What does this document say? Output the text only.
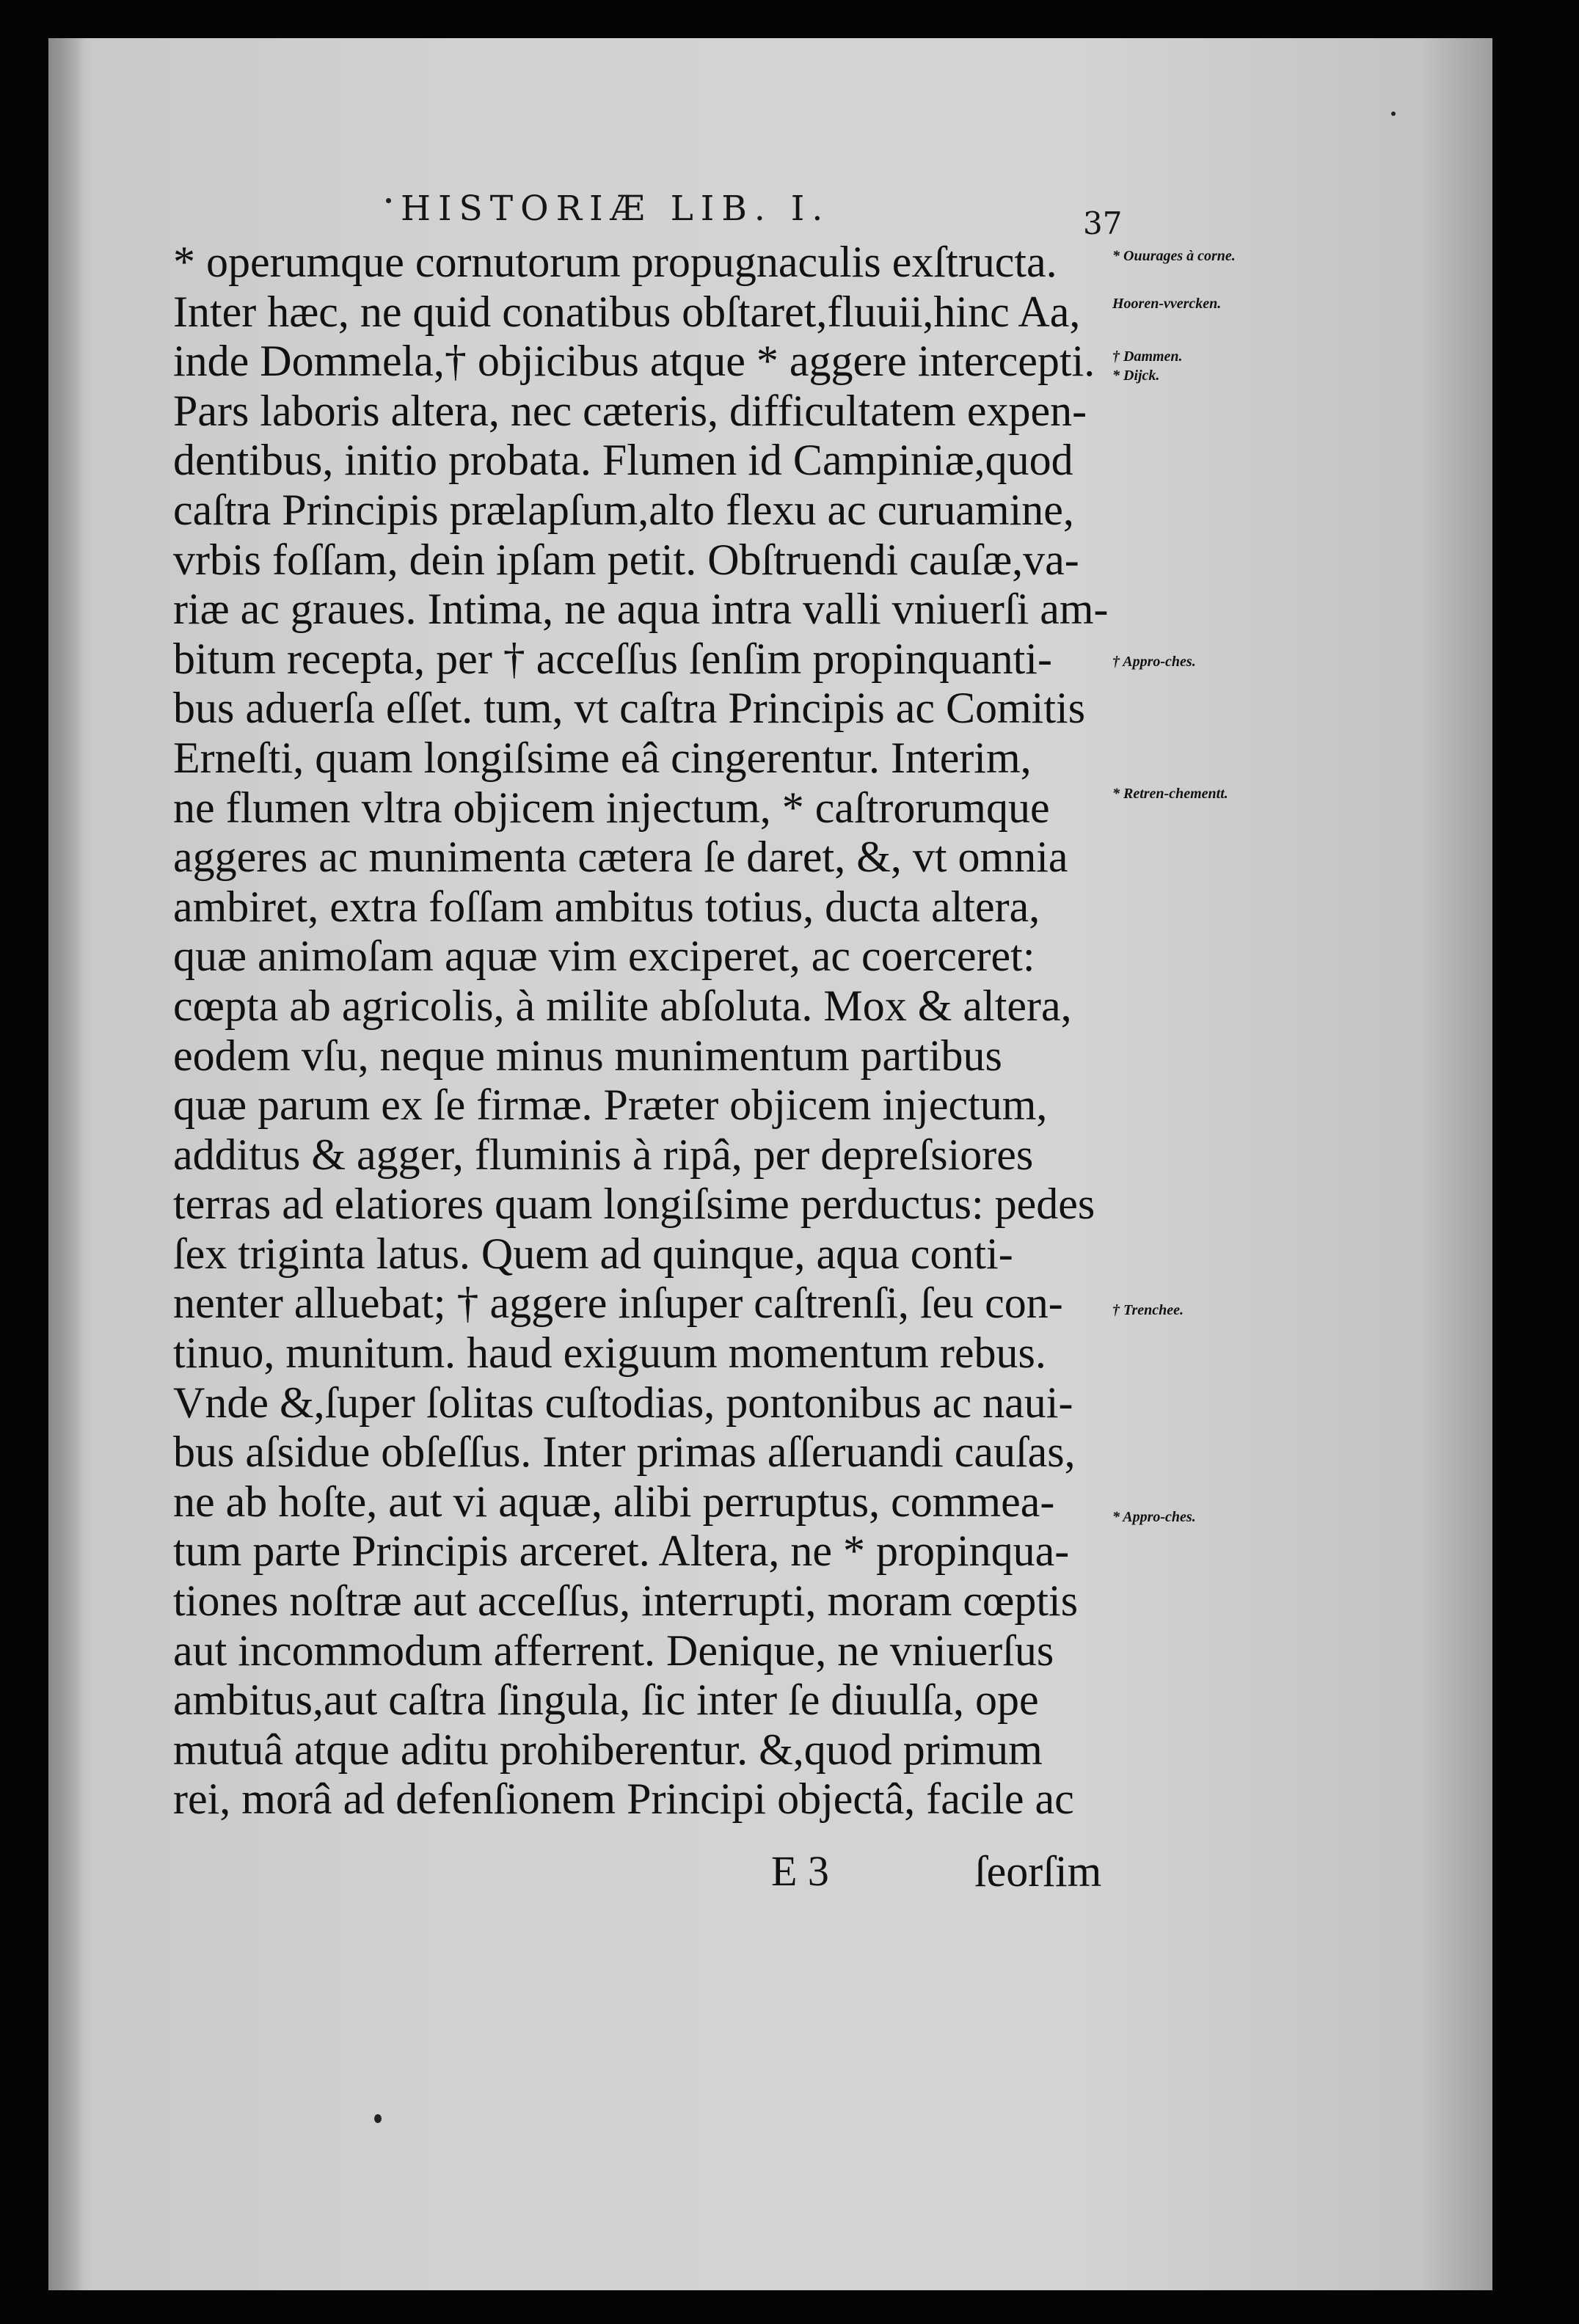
HISTORIÆ LIB. I.	37
* operumque cornutorum propugnaculis exſtructa.
Inter hæc, ne quid conatibus obſtaret,fluuii,hinc Aa,
inde Dommela,† objicibus atque * aggere intercepti.
Pars laboris altera, nec cæteris, difficultatem expen-
dentibus, initio probata. Flumen id Campiniæ,quod
caſtra Principis prælapſum,alto flexu ac curuamine,
vrbis foſſam, dein ipſam petit. Obſtruendi cauſæ,va-
riæ ac graues. Intima, ne aqua intra valli vniuerſi am-
bitum recepta, per † acceſſus ſenſim propinquanti-
bus aduerſa eſſet. tum, vt caſtra Principis ac Comitis
Erneſti, quam longiſsime eâ cingerentur. Interim,
ne flumen vltra objicem injectum, * caſtrorumque
aggeres ac munimenta cætera ſe daret, &, vt omnia
ambiret, extra foſſam ambitus totius, ducta altera,
quæ animoſam aquæ vim exciperet, ac coerceret:
cœpta ab agricolis, à milite abſoluta. Mox & altera,
eodem vſu, neque minus munimentum partibus
quæ parum ex ſe firmæ. Præter objicem injectum,
additus & agger, fluminis à ripâ, per depreſsiores
terras ad elatiores quam longiſsime perductus: pedes
ſex triginta latus. Quem ad quinque, aqua conti-
nenter alluebat; † aggere inſuper caſtrenſi, ſeu con-
tinuo, munitum. haud exiguum momentum rebus.
Vnde &,ſuper ſolitas cuſtodias, pontonibus ac naui-
bus aſsidue obſeſſus. Inter primas aſſeruandi cauſas,
ne ab hoſte, aut vi aquæ, alibi perruptus, commea-
tum parte Principis arceret. Altera, ne * propinqua-
tiones noſtræ aut acceſſus, interrupti, moram cœptis
aut incommodum afferrent. Denique, ne vniuerſus
ambitus,aut caſtra ſingula, ſic inter ſe diuulſa, ope
mutuâ atque aditu prohiberentur. &,quod primum
rei, morâ ad defenſionem Principi objectâ, facile ac
* Ouurages à corne.
Hooren-vvercken.
† Dammen.
* Dijck.
† Appro-ches.
* Retren-chementt.
† Trenchee.
* Appro-ches.
E 3	ſeorſim
